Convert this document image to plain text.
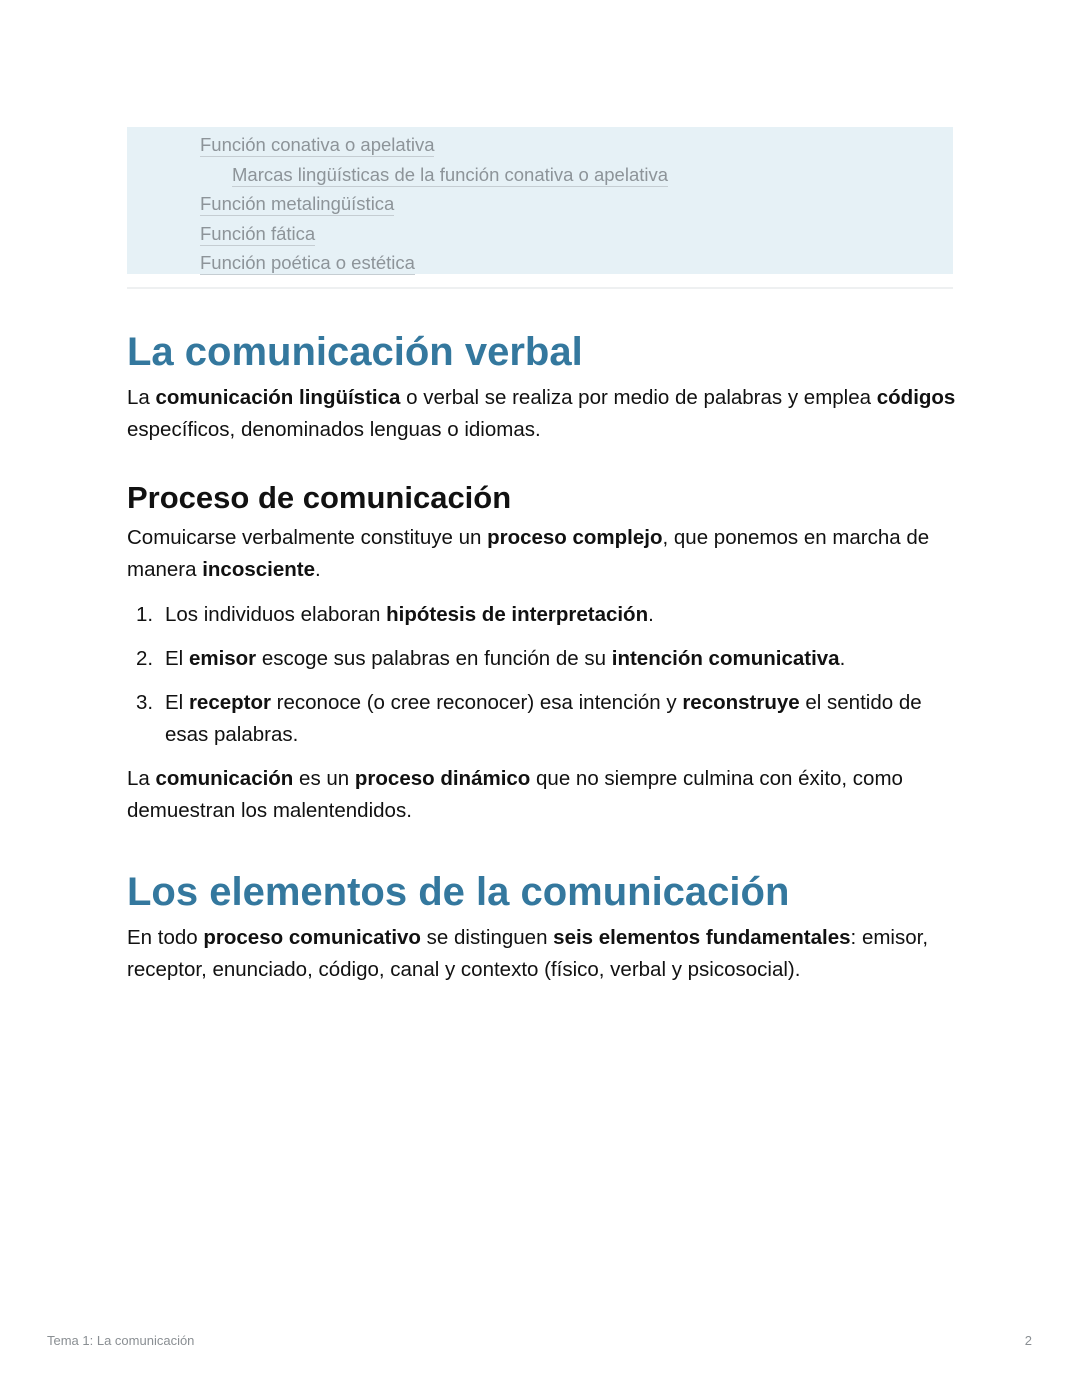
Función conativa o apelativa
Marcas lingüísticas de la función conativa o apelativa
Función metalingüística
Función fática
Función poética o estética
La comunicación verbal

La comunicación lingüística o verbal se realiza por medio de palabras y emplea códigos específicos, denominados lenguas o idiomas.

Proceso de comunicación

Comuicarse verbalmente constituye un proceso complejo, que ponemos en marcha de manera incosciente.

1. Los individuos elaboran hipótesis de interpretación.
2. El emisor escoge sus palabras en función de su intención comunicativa.
3. El receptor reconoce (o cree reconocer) esa intención y reconstruye el sentido de esas palabras.

La comunicación es un proceso dinámico que no siempre culmina con éxito, como demuestran los malentendidos.

Los elementos de la comunicación

En todo proceso comunicativo se distinguen seis elementos fundamentales: emisor, receptor, enunciado, código, canal y contexto (físico, verbal y psicosocial).

Tema 1: La comunicación	2
